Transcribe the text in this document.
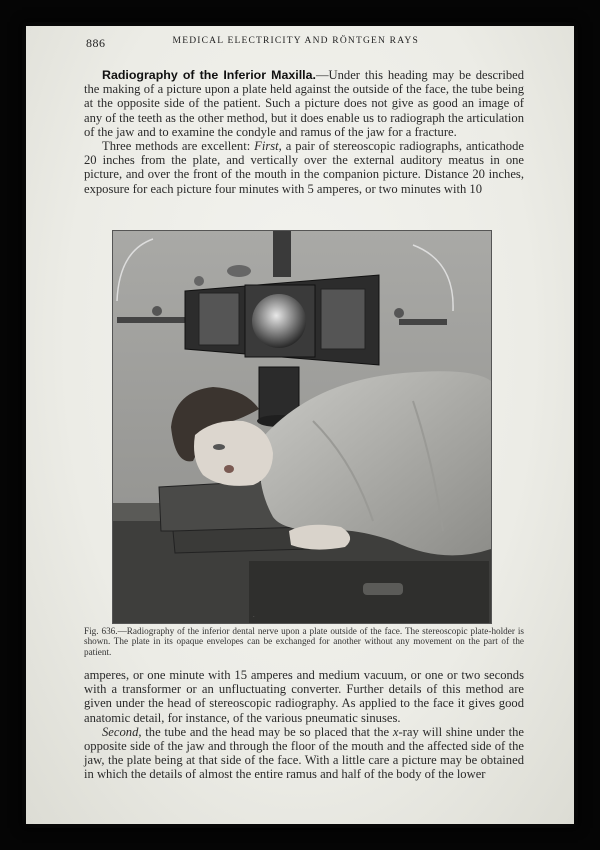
886	MEDICAL ELECTRICITY AND RÖNTGEN RAYS

Radiography of the Inferior Maxilla.—Under this heading may be described the making of a picture upon a plate held against the outside of the face, the tube being at the opposite side of the patient. Such a picture does not give as good an image of any of the teeth as the other method, but it does enable us to radiograph the articulation of the jaw and to examine the condyle and ramus of the jaw for a fracture.

Three methods are excellent: First, a pair of stereoscopic radiographs, anticathode 20 inches from the plate, and vertically over the external auditory meatus in one picture, and over the front of the mouth in the companion picture. Distance 20 inches, exposure for each picture four minutes with 5 amperes, or two minutes with 10

.
Fig. 636.—Radiography of the inferior dental nerve upon a plate outside of the face. The stereoscopic plate-holder is shown. The plate in its opaque envelopes can be exchanged for another without any movement on the part of the patient.

amperes, or one minute with 15 amperes and medium vacuum, or one or two seconds with a transformer or an unfluctuating converter. Further details of this method are given under the head of stereoscopic radiography. As applied to the face it gives good anatomic detail, for instance, of the various pneumatic sinuses.

Second, the tube and the head may be so placed that the x-ray will shine under the opposite side of the jaw and through the floor of the mouth and the affected side of the jaw, the plate being at that side of the face. With a little care a picture may be obtained in which the details of almost the entire ramus and half of the body of the lower
